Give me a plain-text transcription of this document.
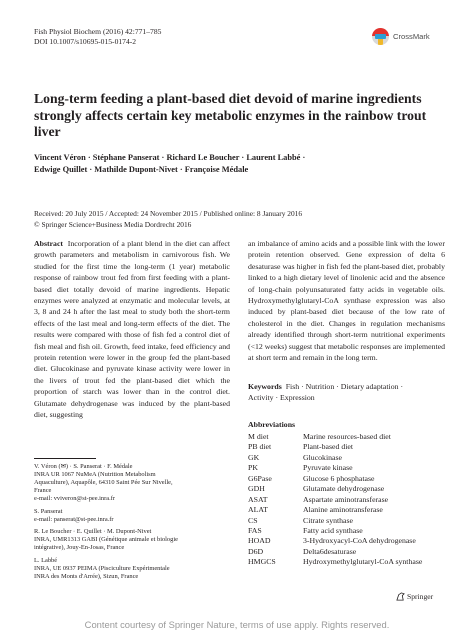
Fish Physiol Biochem (2016) 42:771–785
DOI 10.1007/s10695-015-0174-2
CrossMark
Long-term feeding a plant-based diet devoid of marine ingredients strongly affects certain key metabolic enzymes in the rainbow trout liver
Vincent Véron · Stéphane Panserat · Richard Le Boucher · Laurent Labbé ·
Edwige Quillet · Mathilde Dupont-Nivet · Françoise Médale
Received: 20 July 2015 / Accepted: 24 November 2015 / Published online: 8 January 2016
© Springer Science+Business Media Dordrecht 2016
Abstract Incorporation of a plant blend in the diet can affect growth parameters and metabolism in carnivorous fish. We studied for the first time the long-term (1 year) metabolic response of rainbow trout fed from first feeding with a plant-based diet totally devoid of marine ingredients. Hepatic enzymes were analyzed at enzymatic and molecular levels, at 3, 8 and 24 h after the last meal to study both the short-term effects of the last meal and long-term effects of the diet. The results were compared with those of fish fed a control diet of fish meal and fish oil. Growth, feed intake, feed efficiency and protein retention were lower in the group fed the plant-based diet. Glucokinase and pyruvate kinase activity were lower in the livers of trout fed the plant-based diet which the proportion of starch was lower than in the control diet. Glutamate dehydrogenase was induced by the plant-based diet, suggesting
an imbalance of amino acids and a possible link with the lower protein retention observed. Gene expression of delta 6 desaturase was higher in fish fed the plant-based diet, probably linked to a high dietary level of linolenic acid and the absence of long-chain polyunsaturated fatty acids in vegetable oils. Hydroxymethylglutaryl-CoA synthase expression was also induced by plant-based diet because of the low rate of cholesterol in the diet. Changes in regulation mechanisms already identified through short-term nutritional experiments (<12 weeks) suggest that metabolic responses are implemented at short term and remain in the long term.
Keywords Fish · Nutrition · Dietary adaptation ·
Activity · Expression
Abbreviations
M diet	Marine resources-based diet
PB diet	Plant-based diet
GK	Glucokinase
PK	Pyruvate kinase
G6Pase	Glucose 6 phosphatase
GDH	Glutamate dehydrogenase
ASAT	Aspartate aminotransferase
ALAT	Alanine aminotransferase
CS	Citrate synthase
FAS	Fatty acid synthase
HOAD	3-Hydroxyacyl-CoA dehydrogenase
D6D	Delta6desaturase
HMGCS	Hydroxymethylglutaryl-CoA synthase
V. Véron (✉) · S. Panserat · F. Médale
INRA UR 1067 NuMeA (Nutrition Metabolism
Aquaculture), Aquapôle, 64310 Saint Pée Sur Nivelle,
France
e-mail: vviveron@st-pee.inra.fr
S. Panserat
e-mail: panserat@st-pee.inra.fr
R. Le Boucher · E. Quillet · M. Dupont-Nivet
INRA, UMR1313 GABI (Génétique animale et biologie
intégrative), Jouy-En-Josas, France
L. Labbé
INRA, UE 0937 PEIMA (Pisciculture Expérimentale
INRA des Monts d'Arrée), Sizun, France
Springer
Content courtesy of Springer Nature, terms of use apply. Rights reserved.
